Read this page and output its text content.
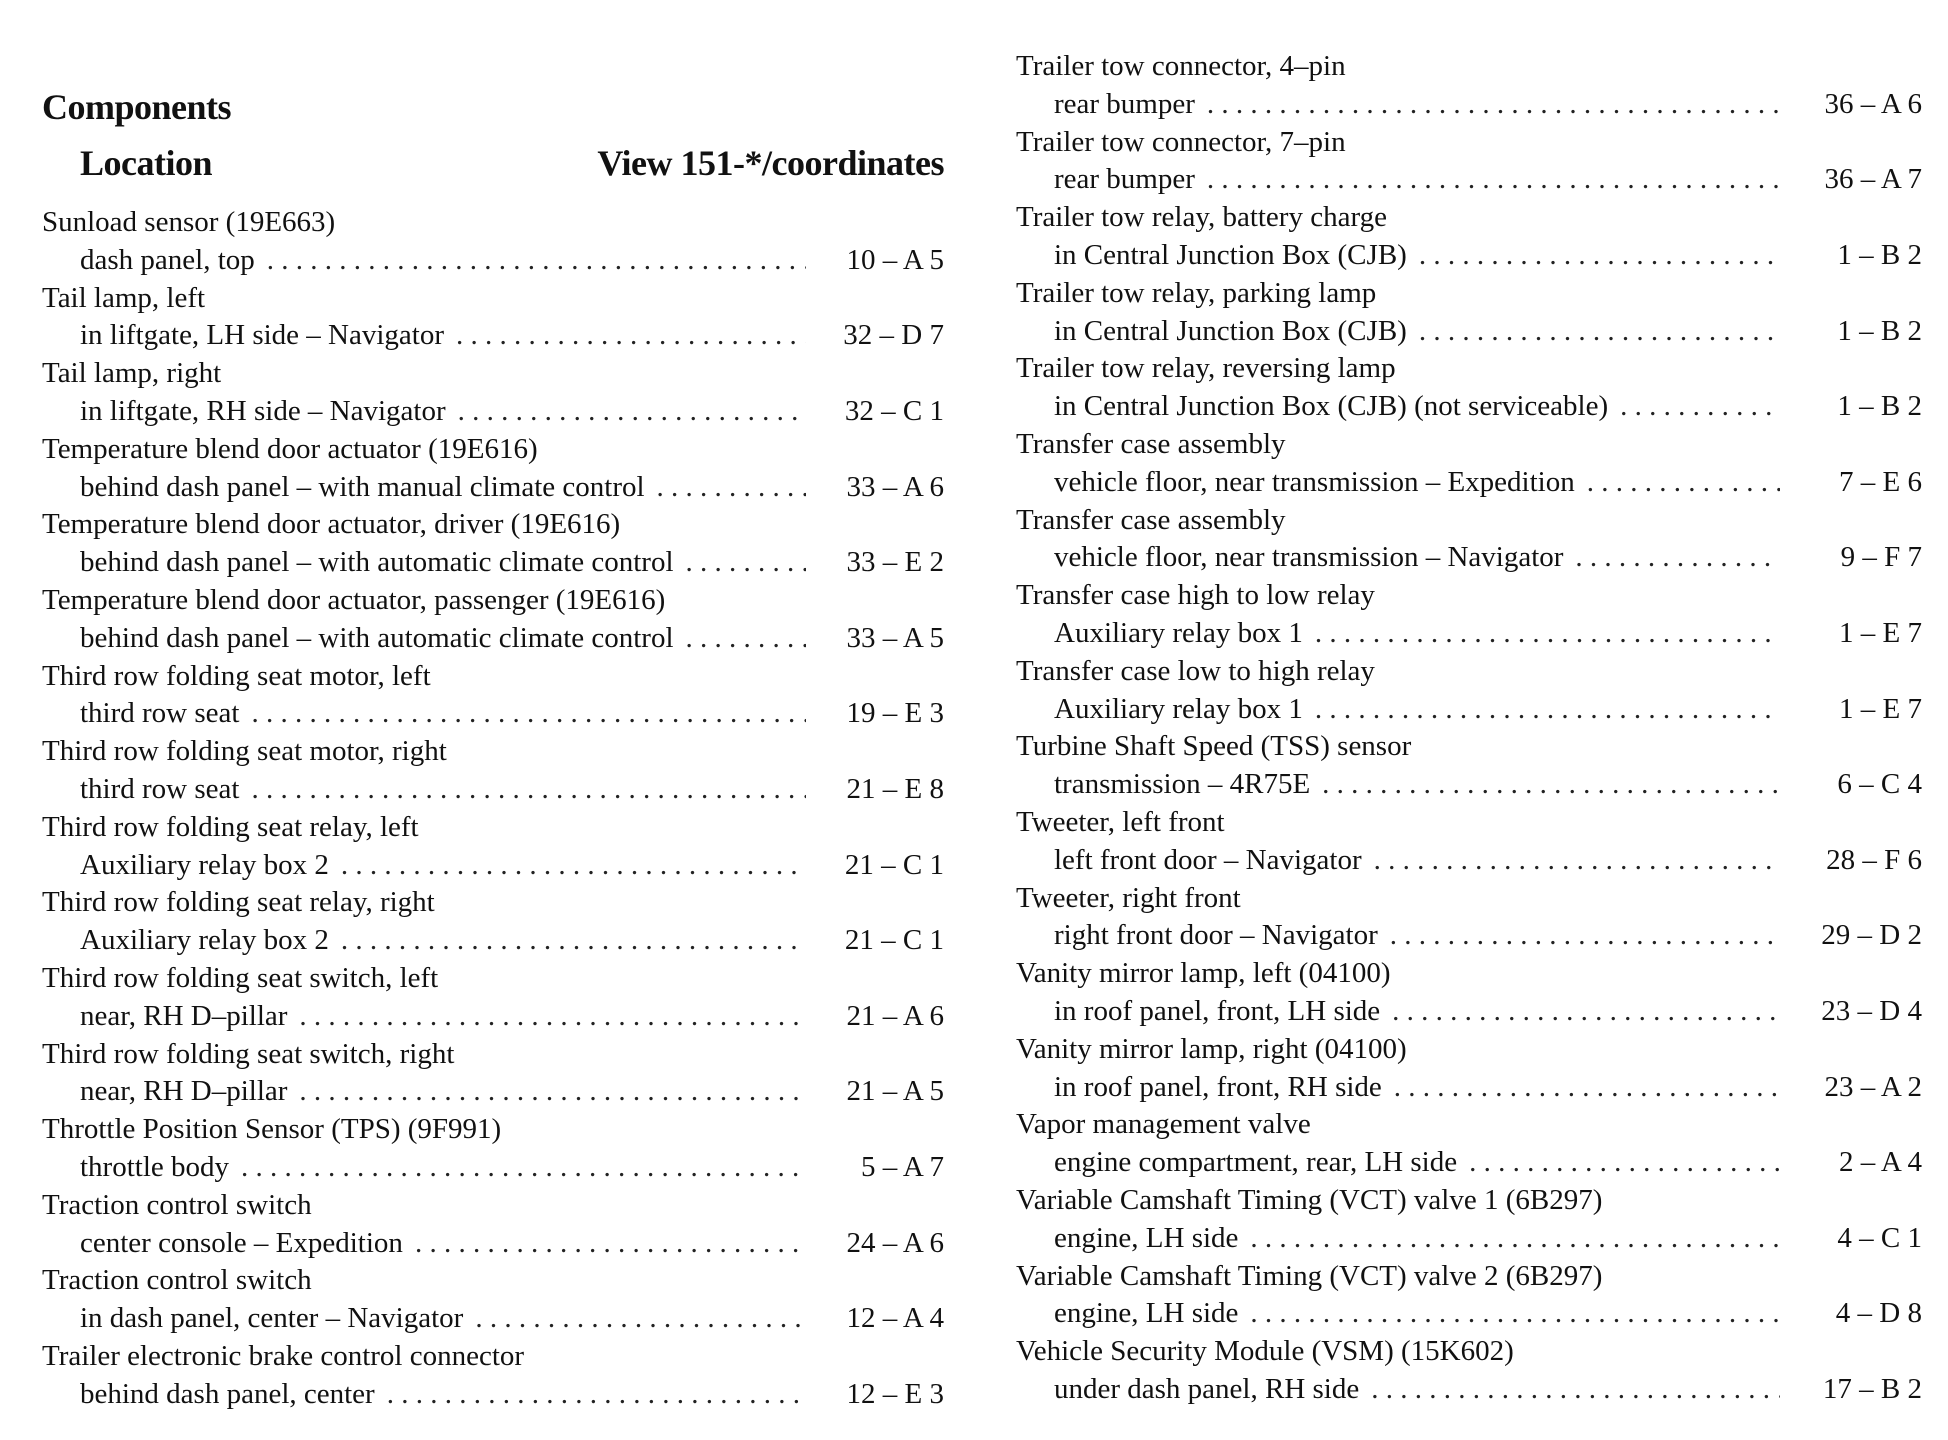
Components
Location	View 151-*/coordinates
Sunload sensor (19E663)
dash panel, top . . .	10 – A 5
Tail lamp, left
in liftgate, LH side – Navigator . . .	32 – D 7
Tail lamp, right
in liftgate, RH side – Navigator . . .	32 – C 1
Temperature blend door actuator (19E616)
behind dash panel – with manual climate control . . .	33 – A 6
Temperature blend door actuator, driver (19E616)
behind dash panel – with automatic climate control . . .	33 – E 2
Temperature blend door actuator, passenger (19E616)
behind dash panel – with automatic climate control . . .	33 – A 5
Third row folding seat motor, left
third row seat . . .	19 – E 3
Third row folding seat motor, right
third row seat . . .	21 – E 8
Third row folding seat relay, left
Auxiliary relay box 2 . . .	21 – C 1
Third row folding seat relay, right
Auxiliary relay box 2 . . .	21 – C 1
Third row folding seat switch, left
near, RH D–pillar . . .	21 – A 6
Third row folding seat switch, right
near, RH D–pillar . . .	21 – A 5
Throttle Position Sensor (TPS) (9F991)
throttle body . . .	5 – A 7
Traction control switch
center console – Expedition . . .	24 – A 6
Traction control switch
in dash panel, center – Navigator . . .	12 – A 4
Trailer electronic brake control connector
behind dash panel, center . . .	12 – E 3
Trailer tow connector, 4–pin
rear bumper . . .	36 – A 6
Trailer tow connector, 7–pin
rear bumper . . .	36 – A 7
Trailer tow relay, battery charge
in Central Junction Box (CJB) . . .	1 – B 2
Trailer tow relay, parking lamp
in Central Junction Box (CJB) . . .	1 – B 2
Trailer tow relay, reversing lamp
in Central Junction Box (CJB) (not serviceable) . . .	1 – B 2
Transfer case assembly
vehicle floor, near transmission – Expedition . . .	7 – E 6
Transfer case assembly
vehicle floor, near transmission – Navigator . . .	9 – F 7
Transfer case high to low relay
Auxiliary relay box 1 . . .	1 – E 7
Transfer case low to high relay
Auxiliary relay box 1 . . .	1 – E 7
Turbine Shaft Speed (TSS) sensor
transmission – 4R75E . . .	6 – C 4
Tweeter, left front
left front door – Navigator . . .	28 – F 6
Tweeter, right front
right front door – Navigator . . .	29 – D 2
Vanity mirror lamp, left (04100)
in roof panel, front, LH side . . .	23 – D 4
Vanity mirror lamp, right (04100)
in roof panel, front, RH side . . .	23 – A 2
Vapor management valve
engine compartment, rear, LH side . . .	2 – A 4
Variable Camshaft Timing (VCT) valve 1 (6B297)
engine, LH side . . .	4 – C 1
Variable Camshaft Timing (VCT) valve 2 (6B297)
engine, LH side . . .	4 – D 8
Vehicle Security Module (VSM) (15K602)
under dash panel, RH side . . .	17 – B 2
